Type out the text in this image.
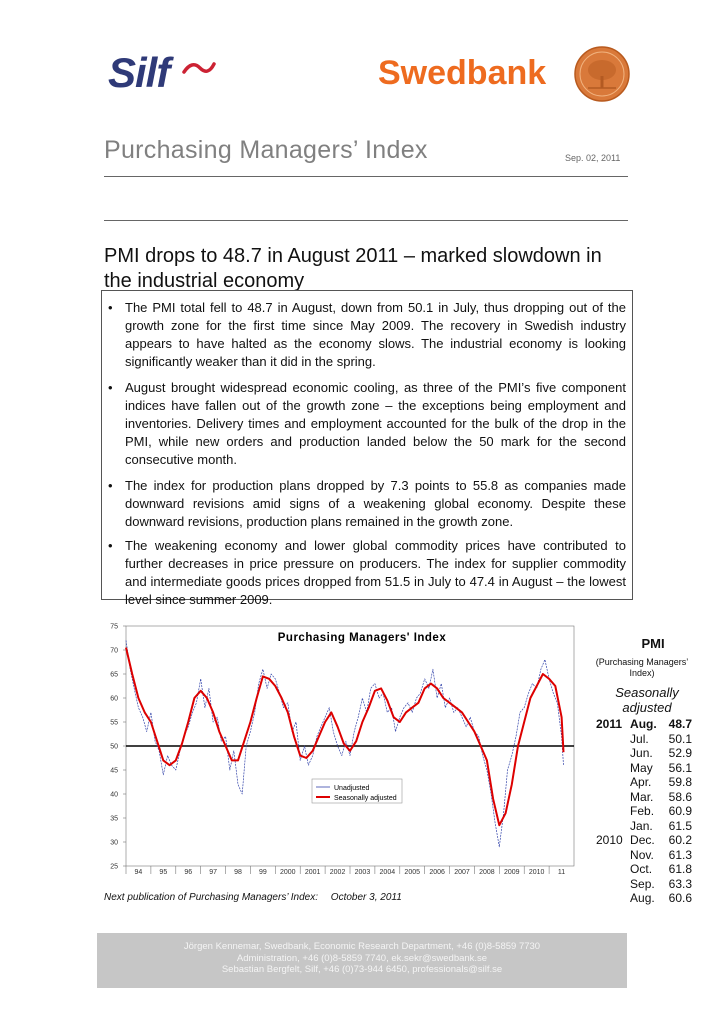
Silf	Swedbank
Purchasing Managers’ Index	Sep. 02, 2011
PMI drops to 48.7 in August 2011 – marked slowdown in the industrial economy
• The PMI total fell to 48.7 in August, down from 50.1 in July, thus dropping out of the growth zone for the first time since May 2009. The recovery in Swedish industry appears to have halted as the economy slows. The industrial economy is looking significantly weaker than it did in the spring.
• August brought widespread economic cooling, as three of the PMI’s five component indices have fallen out of the growth zone – the exceptions being employment and inventories. Delivery times and employment accounted for the bulk of the drop in the PMI, while new orders and production landed below the 50 mark for the second consecutive month.
• The index for production plans dropped by 7.3 points to 55.8 as companies made downward revisions amid signs of a weakening global economy. Despite these downward revisions, production plans remained in the growth zone.
• The weakening economy and lower global commodity prices have contributed to further decreases in price pressure on producers. The index for supplier commodity and intermediate goods prices dropped from 51.5 in July to 47.4 in August – the lowest level since summer 2009.
25
30
35
40
45
50
55
60
65
70
75
94 95 96 97 98 99 2000 2001 2002 2003 2004 2005 2006 2007 2008 2009 2010 11
Purchasing Managers' Index
Unadjusted
Seasonally adjusted
PMI
(Purchasing Managers’ Index)
Seasonally adjusted
2011 Aug. 48.7
Jul.	50.1
Jun.	52.9
May	56.1
Apr.	59.8
Mar.	58.6
Feb.	60.9
Jan.	61.5
2010 Dec.	60.2
Nov.	61.3
Oct.	61.8
Sep.	63.3
Aug.	60.6
Next publication of Purchasing Managers’ Index: October 3, 2011
Jörgen Kennemar, Swedbank, Economic Research Department, +46 (0)8-5859 7730
Administration, +46 (0)8-5859 7740, ek.sekr@swedbank.se
Sebastian Bergfelt, Silf, +46 (0)73-944 6450, professionals@silf.se
